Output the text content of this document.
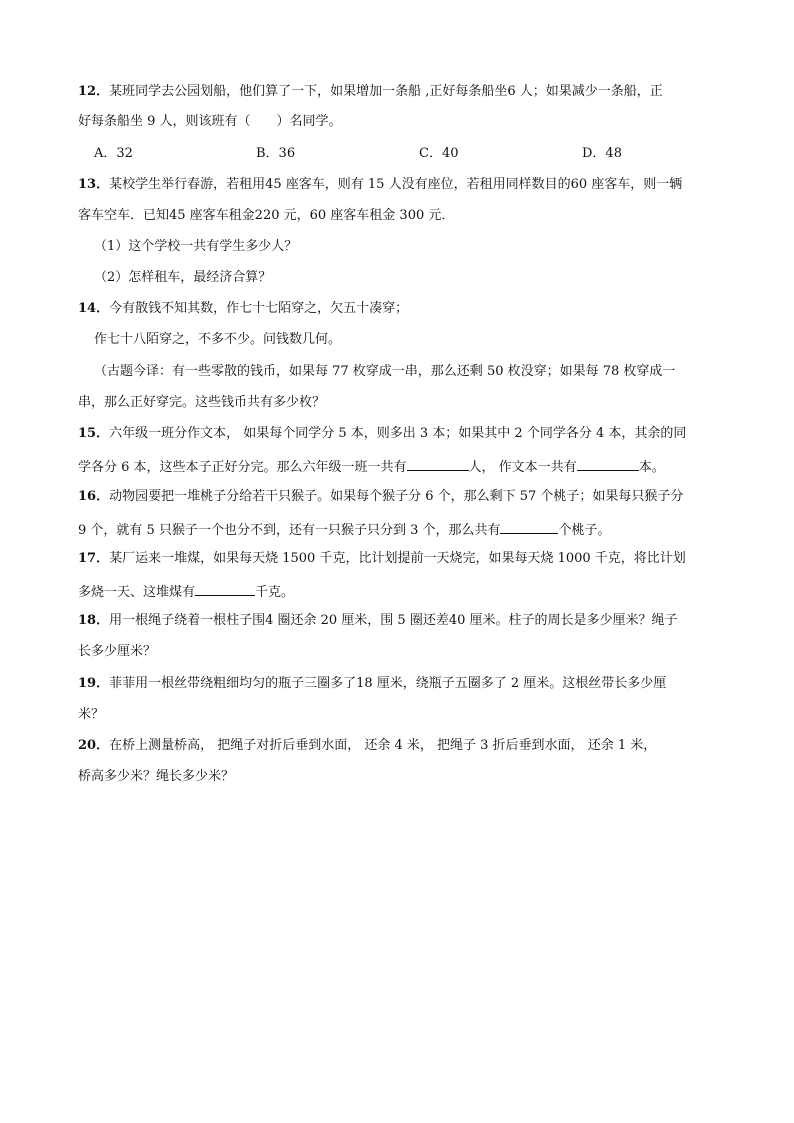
12．某班同学去公园划船，他们算了一下，如果增加一条船 ,正好每条船坐6 人；如果减少一条船，正
好每条船坐 9 人，则该班有（　　）名同学。
A．32	B．36	C．40	D．48
13．某校学生举行春游，若租用45 座客车，则有 15 人没有座位，若租用同样数目的60 座客车，则一辆
客车空车．已知45 座客车租金220 元，60 座客车租金 300 元．
（1）这个学校一共有学生多少人？
（2）怎样租车，最经济合算？
14．今有散钱不知其数，作七十七陌穿之，欠五十凑穿；
作七十八陌穿之，不多不少。问钱数几何。
（古题今译：有一些零散的钱币，如果每 77 枚穿成一串，那么还剩 50 枚没穿；如果每 78 枚穿成一
串，那么正好穿完。这些钱币共有多少枚？
15．六年级一班分作文本， 如果每个同学分 5 本，则多出 3 本；如果其中 2 个同学各分 4 本，其余的同
学各分 6 本，这些本子正好分完。那么六年级一班一共有	人， 作文本一共有	本。
16．动物园要把一堆桃子分给若干只猴子。如果每个猴子分 6 个，那么剩下 57 个桃子；如果每只猴子分
9 个，就有 5 只猴子一个也分不到，还有一只猴子只分到 3 个，那么共有	个桃子。
17．某厂运来一堆煤，如果每天烧 1500 千克，比计划提前一天烧完，如果每天烧 1000 千克，将比计划
多烧一天、这堆煤有	千克。
18．用一根绳子绕着一根柱子围4 圈还余 20 厘米，围 5 圈还差40 厘米。柱子的周长是多少厘米？绳子
长多少厘米？
19．菲菲用一根丝带绕粗细均匀的瓶子三圈多了18 厘米，绕瓶子五圈多了 2 厘米。这根丝带长多少厘
米？
20．在桥上测量桥高， 把绳子对折后垂到水面， 还余 4 米， 把绳子 3 折后垂到水面， 还余 1 米，
桥高多少米？绳长多少米？
